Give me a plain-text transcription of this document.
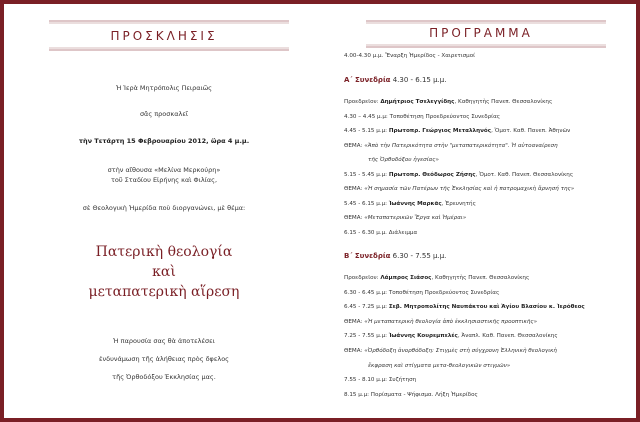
ΠΡΟΣΚΛΗΣΙΣ
Ἡ Ἱερὰ Μητρόπολις Πειραιῶς
σᾶς προσκαλεῖ
τὴν Τετάρτη 15 Φεβρουαρίου 2012, ὥρα 4 μ.μ.
στὴν αἴθουσα «Μελίνα Μερκούρη»
τοῦ Σταδίου Εἰρήνης καὶ Φιλίας,
σὲ Θεολογικὴ Ἡμερίδα ποὺ διοργανώνει, μὲ θέμα:
Πατερικὴ θεολογία
καὶ
μεταπατερικὴ αἵρεση
Ἡ παρουσία σας θὰ ἀποτελέσει
ἐνδυνάμωση τῆς ἀλήθειας πρὸς ὄφελος
τῆς Ὀρθοδόξου Ἐκκλησίας μας.
ΠΡΟΓΡΑΜΜΑ
4.00-4.30 μ.μ. Ἔναρξη Ἡμερίδος - Χαιρετισμοί
Α΄ Συνεδρία 4.30 - 6.15 μ.μ.
Προεδρεῖον: Δημήτριος Τσελεγγίδης, Καθηγητὴς Πανεπ. Θεσσαλονίκης
4.30 – 4.45 μ.μ: Τοποθέτηση Προεδρεύοντος Συνεδρίας
4.45 - 5.15 μ.μ: Πρωτοπρ. Γεώργιος Μεταλληνός, Ὁμοτ. Καθ. Πανεπ. Ἀθηνῶν
ΘΕΜΑ: «Ἀπὸ τὴν Πατερικότητα στὴν "μεταπατερικότητα". Ἡ αὐτοαναίρεση
τῆς Ὀρθοδόξου ἠγεσίας»
5.15 - 5.45 μ.μ: Πρωτοπρ. Θεόδωρος Ζήσης, Ὁμοτ. Καθ. Πανεπ. Θεσσαλονίκης
ΘΕΜΑ: «Ἡ σημασία τῶν Πατέρων τῆς Ἐκκλησίας καὶ ἡ πατρομαχικὴ ἄρνησή της»
5.45 - 6.15 μ.μ: Ἰωάννης Μαρκᾶς, Ἐρευνητής
ΘΕΜΑ: «Μεταπατερικῶν Ἔργα καὶ Ἡμέραι»
6.15 - 6.30 μ.μ. Διάλειμμα
Β΄ Συνεδρία 6.30 - 7.55 μ.μ.
Προεδρεῖον: Λάμπρος Σιάσος, Καθηγητὴς Πανεπ. Θεσσαλονίκης
6.30 - 6.45 μ.μ: Τοποθέτηση Προεδρεύοντος Συνεδρίας
6.45 - 7.25 μ.μ: Σεβ. Μητροπολίτης Ναυπάκτου καὶ Ἁγίου Βλασίου κ. Ἱερόθεος
ΘΕΜΑ: «Ἡ μεταπατερικὴ θεολογία ἀπὸ ἐκκλησιαστικῆς προοπτικῆς»
7.25 - 7.55 μ.μ: Ἰωάννης Κουρεμπελές, Ἀναπλ. Καθ. Πανεπ. Θεσσαλονίκης
ΘΕΜΑ: «Ὀρθόδοξη ἀνορθόδοξη: Στιγμὲς στὴ σύγχρονη Ἑλληνικὴ θεολογικὴ
ἔκφραση καὶ στίγματα μετα-θεολογικῶν στιγμῶν»
7.55 - 8.10 μ.μ: Συζήτηση
8.15 μ.μ: Πορίσματα - Ψήφισμα. Λήξη Ἡμερίδος
